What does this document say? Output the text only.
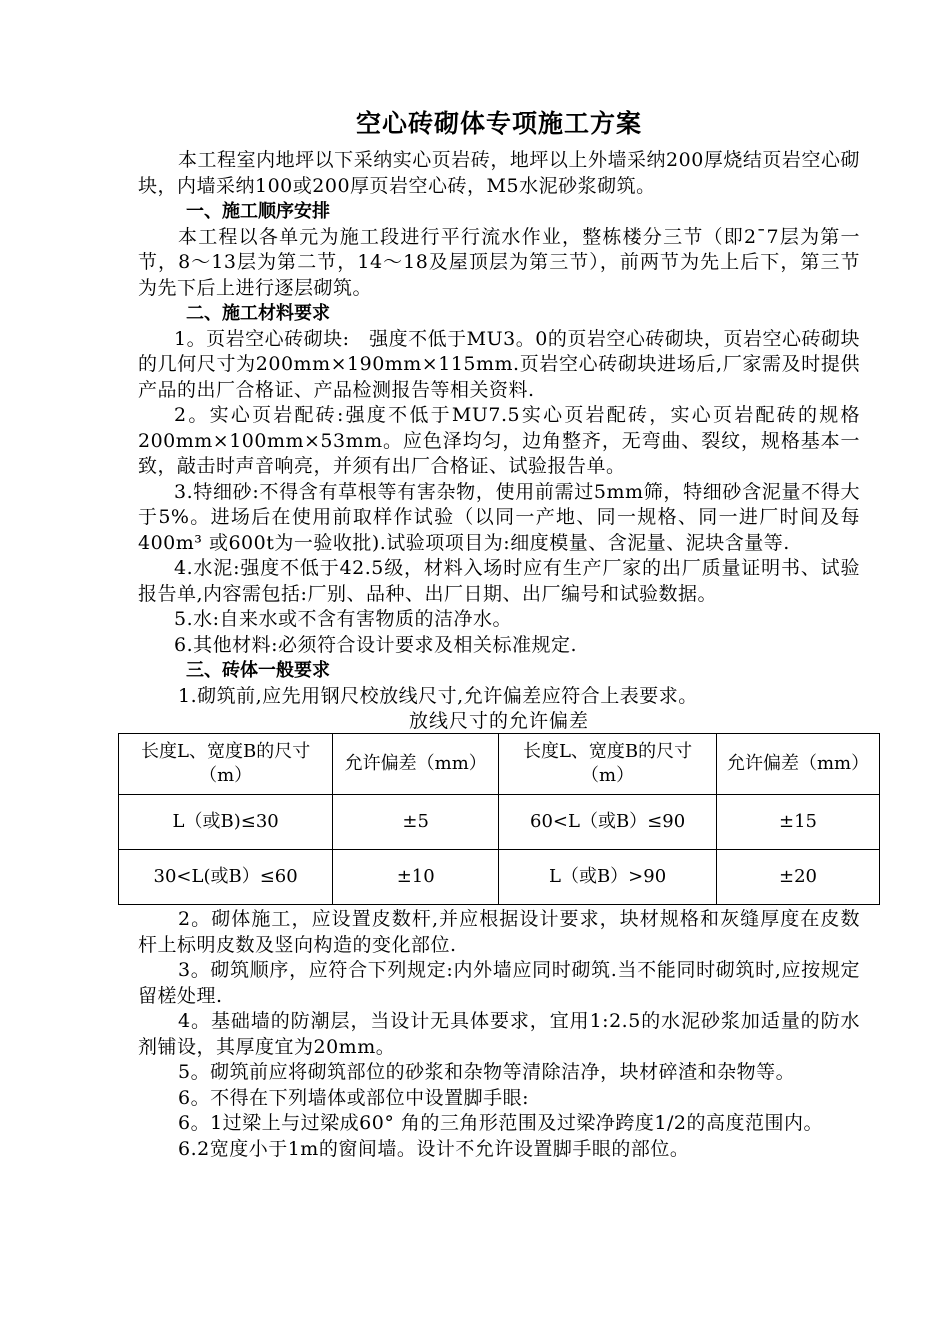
空心砖砌体专项施工方案

本工程室内地坪以下采纳实心页岩砖，地坪以上外墙采纳200厚烧结页岩空心砌块，内墙采纳100或200厚页岩空心砖，M5水泥砂浆砌筑。

一、施工顺序安排

本工程以各单元为施工段进行平行流水作业，整栋楼分三节（即2¯7层为第一节，8～13层为第二节，14～18及屋顶层为第三节），前两节为先上后下，第三节为先下后上进行逐层砌筑。

二、施工材料要求

1。页岩空心砖砌块:　强度不低于MU3。0的页岩空心砖砌块，页岩空心砖砌块的几何尺寸为200mm×190mm×115mm.页岩空心砖砌块进场后,厂家需及时提供产品的出厂合格证、产品检测报告等相关资料.

2。实心页岩配砖:强度不低于MU7.5实心页岩配砖，实心页岩配砖的规格200mm×100mm×53mm。应色泽均匀，边角整齐，无弯曲、裂纹，规格基本一致，敲击时声音响亮，并须有出厂合格证、试验报告单。

3.特细砂:不得含有草根等有害杂物，使用前需过5mm筛，特细砂含泥量不得大于5%。进场后在使用前取样作试验（以同一产地、同一规格、同一进厂时间及每400m³ 或600t为一验收批).试验项项目为:细度模量、含泥量、泥块含量等.

4.水泥:强度不低于42.5级，材料入场时应有生产厂家的出厂质量证明书、试验报告单,内容需包括:厂别、品种、出厂日期、出厂编号和试验数据。

5.水:自来水或不含有害物质的洁净水。

6.其他材料:必须符合设计要求及相关标准规定.

三、砖体一般要求

1.砌筑前,应先用钢尺校放线尺寸,允许偏差应符合上表要求。

放线尺寸的允许偏差
长度L、宽度B的尺寸（m）	允许偏差（mm）	长度L、宽度B的尺寸（m）	允许偏差（mm）
L（或B)≤30	±5	60<L（或B）≤90	±15
30<L(或B）≤60	±10	L（或B）>90	±20

2。砌体施工，应设置皮数杆,并应根据设计要求，块材规格和灰缝厚度在皮数杆上标明皮数及竖向构造的变化部位.

3。砌筑顺序，应符合下列规定:内外墙应同时砌筑.当不能同时砌筑时,应按规定留槎处理.

4。基础墙的防潮层，当设计无具体要求，宜用1:2.5的水泥砂浆加适量的防水剂铺设，其厚度宜为20mm。

5。砌筑前应将砌筑部位的砂浆和杂物等清除洁净，块材碎渣和杂物等。

6。不得在下列墙体或部位中设置脚手眼:

6。1过梁上与过梁成60° 角的三角形范围及过梁净跨度1/2的高度范围内。

6.2宽度小于1m的窗间墙。设计不允许设置脚手眼的部位。
